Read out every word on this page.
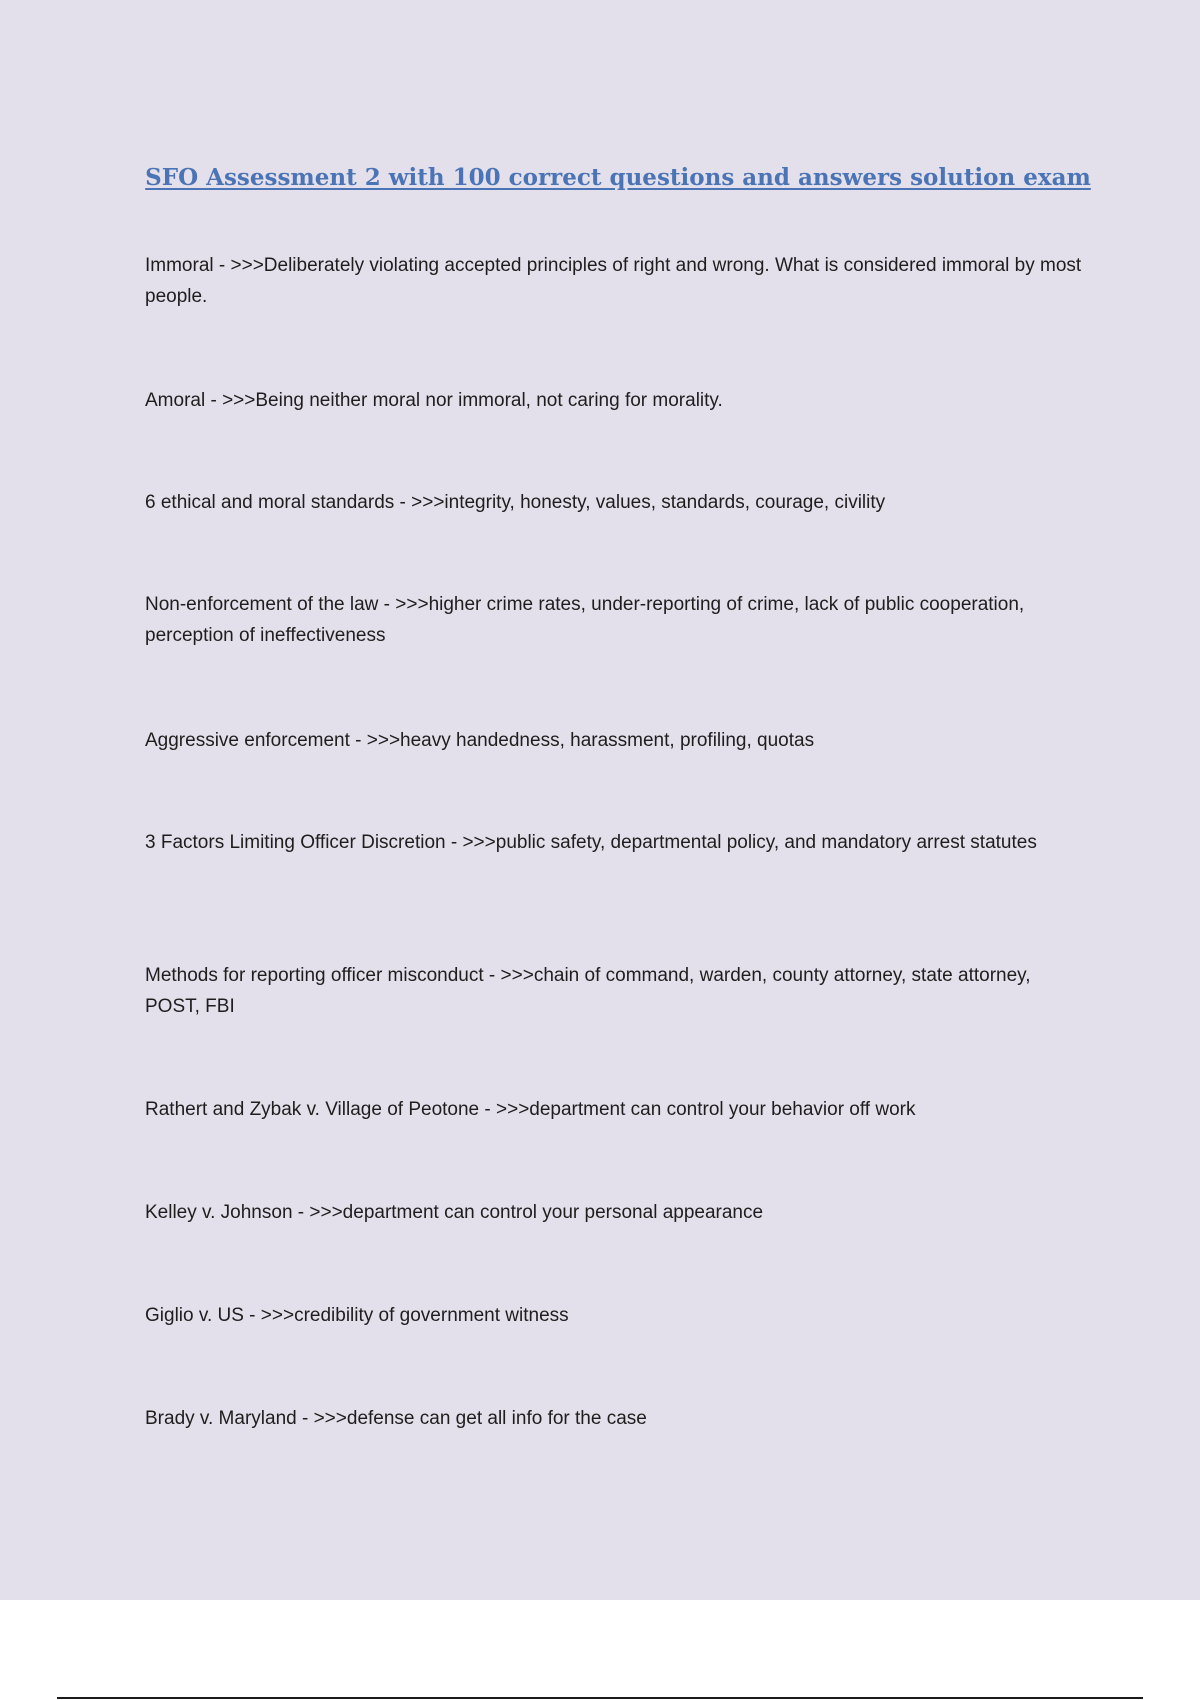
SFO Assessment 2 with 100 correct questions and answers solution exam

Immoral - >>>Deliberately violating accepted principles of right and wrong. What is considered immoral by most people.

Amoral - >>>Being neither moral nor immoral, not caring for morality.

6 ethical and moral standards - >>>integrity, honesty, values, standards, courage, civility

Non-enforcement of the law - >>>higher crime rates, under-reporting of crime, lack of public cooperation, perception of ineffectiveness

Aggressive enforcement - >>>heavy handedness, harassment, profiling, quotas

3 Factors Limiting Officer Discretion - >>>public safety, departmental policy, and mandatory arrest statutes

Methods for reporting officer misconduct - >>>chain of command, warden, county attorney, state attorney, POST, FBI

Rathert and Zybak v. Village of Peotone - >>>department can control your behavior off work

Kelley v. Johnson - >>>department can control your personal appearance

Giglio v. US - >>>credibility of government witness

Brady v. Maryland - >>>defense can get all info for the case
